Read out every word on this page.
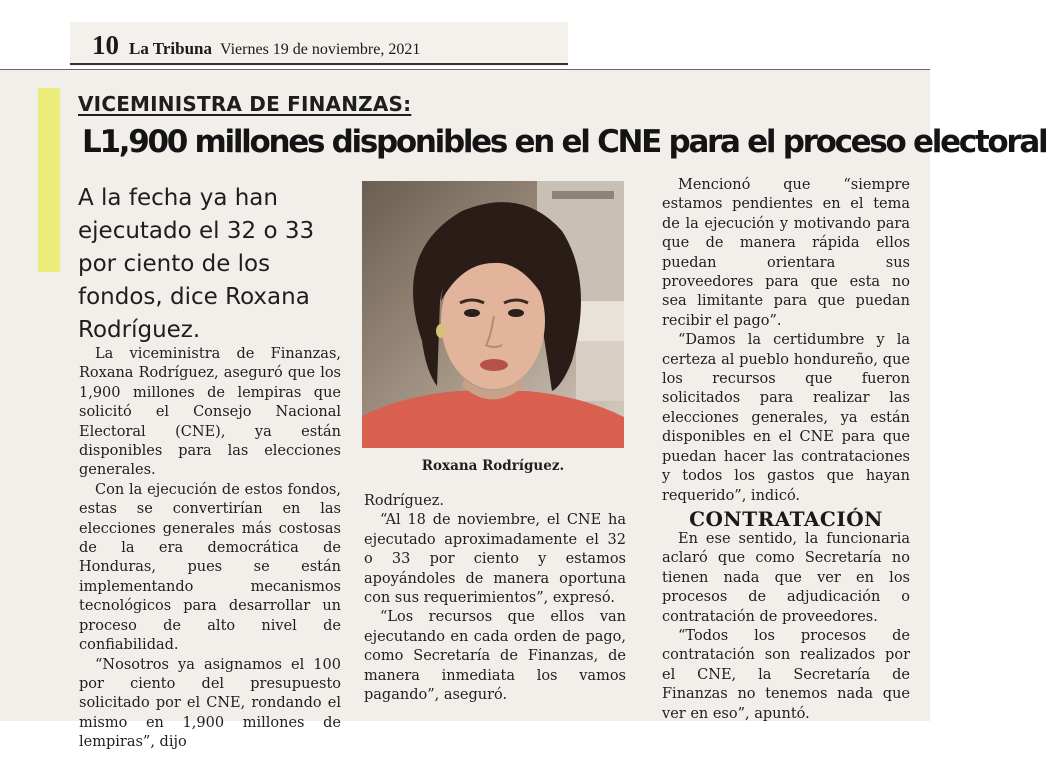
10 La Tribuna Viernes 19 de noviembre, 2021
VICEMINISTRA DE FINANZAS:
L1,900 millones disponibles en el CNE para el proceso electoral
A la fecha ya han ejecutado el 32 o 33 por ciento de los fondos, dice Roxana Rodríguez.
Roxana Rodríguez.

La viceministra de Finanzas, Roxana Rodríguez, aseguró que los 1,900 millones de lempiras que solicitó el Consejo Nacional Electoral (CNE), ya están disponibles para las elecciones generales.

Con la ejecución de estos fondos, estas se convertirían en las elecciones generales más costosas de la era democrática de Honduras, pues se están implementando mecanismos tecnológicos para desarrollar un proceso de alto nivel de confiabilidad.

“Nosotros ya asignamos el 100 por ciento del presupuesto solicitado por el CNE, rondando el mismo en 1,900 millones de lempiras”, dijo

Rodríguez.

“Al 18 de noviembre, el CNE ha ejecutado aproximadamente el 32 o 33 por ciento y estamos apoyándoles de manera oportuna con sus requerimientos”, expresó.

“Los recursos que ellos van ejecutando en cada orden de pago, como Secretaría de Finanzas, de manera inmediata los vamos pagando”, aseguró.

Mencionó que “siempre estamos pendientes en el tema de la ejecución y motivando para que de manera rápida ellos puedan orientara sus proveedores para que esta no sea limitante para que puedan recibir el pago”.

“Damos la certidumbre y la certeza al pueblo hondureño, que los recursos que fueron solicitados para realizar las elecciones generales, ya están disponibles en el CNE para que puedan hacer las contrataciones y todos los gastos que hayan requerido”, indicó.

CONTRATACIÓN

En ese sentido, la funcionaria aclaró que como Secretaría no tienen nada que ver en los procesos de adjudicación o contratación de proveedores.

“Todos los procesos de contratación son realizados por el CNE, la Secretaría de Finanzas no tenemos nada que ver en eso”, apuntó.
